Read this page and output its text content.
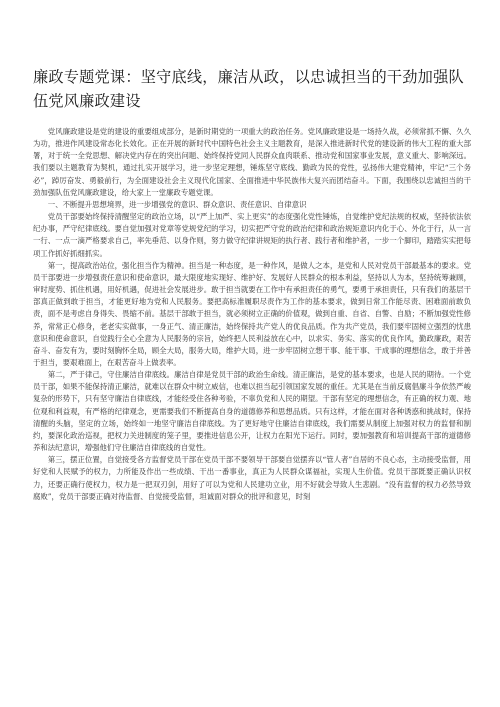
廉政专题党课：坚守底线，廉洁从政，以忠诚担当的干劲加强队伍党风廉政建设

党风廉政建设是党的建设的重要组成部分，是新时期党的一项重大的政治任务。党风廉政建设是一场持久战，必须常抓不懈、久久为功，推进作风建设常态化长效化。正在开展的新时代中国特色社会主义主题教育，是深入推进新时代党的建设新的伟大工程的重大部署，对于统一全党思想、解决党内存在的突出问题、始终保持党同人民群众血肉联系、推动党和国家事业发展，意义重大、影响深远。我们要以主题教育为契机，通过扎实开展学习，进一步坚定理想，锤炼坚守底线、勤政为民的党性，弘扬伟大建党精神，牢记“三个务必”，踔厉奋发、勇毅前行，为全面建设社会主义现代化国家、全面推进中华民族伟大复兴而团结奋斗。下面，我围绕以忠诚担当的干劲加强队伍党风廉政建设，给大家上一堂廉政专题党课。

一、不断提升思想境界，进一步增强党的意识、群众意识、责任意识、自律意识

党员干部要始终保持清醒坚定的政治立场，以“严上加严、实上更实”的态度强化党性锤炼，自觉维护党纪法规的权威，坚持依法依纪办事，严守纪律底线。要自觉加强对党章等党规党纪的学习，切实把严守党的政治纪律和政治规矩意识内化于心、外化于行，从一言一行、一点一滴严格要求自己，率先垂范、以身作则，努力做守纪律讲规矩的执行者、践行者和维护者，一步一个脚印，踏踏实实把每项工作抓好抓细抓实。

第一，提高政治站位，强化担当作为精神。担当是一种态度，是一种作风，是做人之本，是党和人民对党员干部最基本的要求。党员干部要进一步增强责任意识和使命意识，最大限度地实现好、维护好、发展好人民群众的根本利益，坚持以人为本，坚持统筹兼顾，审时度势、抓住机遇，用好机遇，促进社会发展进步。敢于担当就要在工作中有承担责任的勇气，要勇于承担责任，只有我们的基层干部真正做到敢于担当，才能更好地为党和人民服务。要把高标准履职尽责作为工作的基本要求，做到日常工作能尽责、困难面前敢负责，面不是考虑自身得失、畏缩不前。基层干部敢于担当，就必须树立正确的价值观，做到自重、自省、自警、自励；不断加强党性修养，常常正心修身，老老实实做事，一身正气、清正廉洁，始终保持共产党人的优良品质。作为共产党员，我们要牢固树立强烈的忧患意识和使命意识，自觉践行全心全意为人民服务的宗旨，始终把人民利益放在心中，以求实、务实、落实的优良作风，勤政廉政，艰苦奋斗、奋发有为，要时刻胸怀全局，顾全大局，服务大局，维护大局，进一步牢固树立想干事、能干事、干成事的理想信念，敢于并善于担当，要艰难面上，在艰苦奋斗上做表率。

第二，严于律己，守住廉洁自律底线。廉洁自律是党员干部的政治生命线。清正廉洁，是党的基本要求，也是人民的期待。一个党员干部，如果不能保持清正廉洁，就难以在群众中树立威信，也难以担当起引领国家发展的重任。尤其是在当前反腐倡廉斗争依然严峻复杂的形势下，只有坚守廉洁自律底线，才能经受住各种考验，不辜负党和人民的期望。干部有坚定的理想信念，有正确的权力观、地位观和利益观，有严格的纪律观念，更需要我们不断提高自身的道德修养和思想品质。只有这样，才能在面对各种诱惑和挑战时，保持清醒的头脑，坚定的立场，始终如一地坚守廉洁自律底线。为了更好地守住廉洁自律底线，我们需要从制度上加强对权力的监督和制约，要深化政治巡视，把权力关进制度的笼子里，要推进信息公开，让权力在阳光下运行。同时，要加强教育和培训提高干部的道德修养和法纪意识，增强他们守住廉洁自律底线的自觉性。

第三，摆正位置，自觉接受各方监督党员干部在党员干部不要领导干部要自觉摆弃以“管人者”自居的不良心态，主动接受监督，用好党和人民赋予的权力，力所能及作出一些成绩、干出一番事业，真正为人民群众谋福祉，实现人生价值。党员干部既要正确认识权力，还要正确行使权力，权力是一把双刃剑，用好了可以为党和人民建功立业，用不好就会导致人生悲剧。“没有监督的权力必然导致腐败”，党员干部要正确对待监督、自觉接受监督，坦诚面对群众的批评和意见，时刻
